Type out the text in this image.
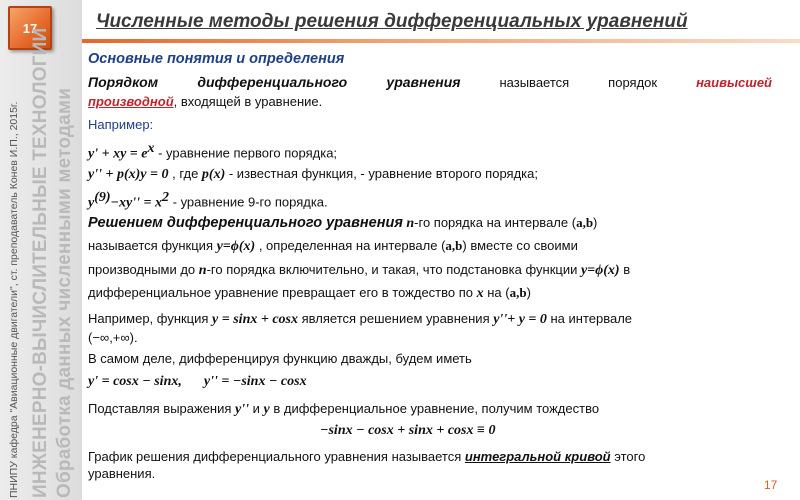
17
ПНИПУ кафедра "Авиационные двигатели", ст. преподаватель Конев И.П., 2015г. ИНЖЕНЕРНО-ВЫЧИСЛИТЕЛЬНЫЕ ТЕХНОЛОГИИ Обработка данных численными методами
Численные методы решения дифференциальных уравнений
Основные понятия и определения
Порядком дифференциального уравнения называется порядок наивысшей
производной, входящей в уравнение.
Например:
y' + xy = $e^x$ - уравнение первого порядка;
y'' + p(x)y = 0 , где p(x) - известная функция, - уравнение второго порядка;
$y^{(9)}-xy'' = x^2$ - уравнение 9-го порядка.
Решением дифференциального уравнения n-го порядка на интервале (a,b)
называется функция y=ϕ(x) , определенная на интервале (a,b) вместе со своими
производными до n-го порядка включительно, и такая, что подстановка функции y=ϕ(x) в
дифференциальное уравнение превращает его в тождество по x на (a,b)
Например, функция y = sinx + cosx является решением уравнения y''+ y = 0 на интервале
(−∞,+∞).
В самом деле, дифференцируя функцию дважды, будем иметь
y' = cosx − sinx, y'' = −sinx − cosx
Подставляя выражения y'' и y в дифференциальное уравнение, получим тождество
−sinx − cosx + sinx + cosx ≡ 0
График решения дифференциального уравнения называется интегральной кривой этого
уравнения.
17
